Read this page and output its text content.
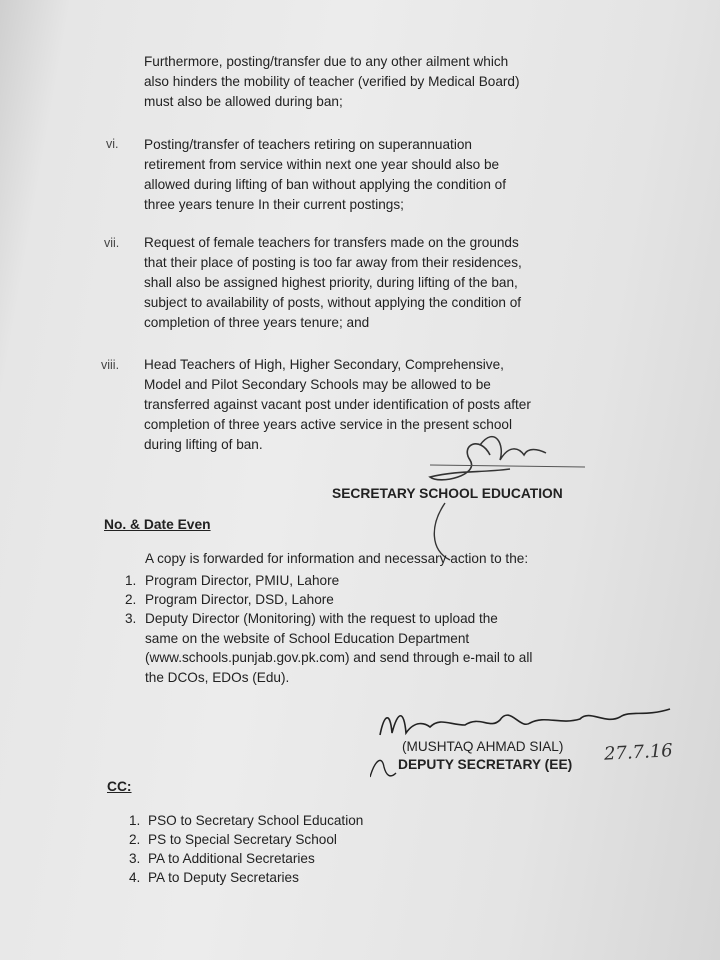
Furthermore, posting/transfer due to any other ailment which
also hinders the mobility of teacher (verified by Medical Board)
must also be allowed during ban;
vi. Posting/transfer of teachers retiring on superannuation
retirement from service within next one year should also be
allowed during lifting of ban without applying the condition of
three years tenure In their current postings;
vii. Request of female teachers for transfers made on the grounds
that their place of posting is too far away from their residences,
shall also be assigned highest priority, during lifting of the ban,
subject to availability of posts, without applying the condition of
completion of three years tenure; and
viii. Head Teachers of High, Higher Secondary, Comprehensive,
Model and Pilot Secondary Schools may be allowed to be
transferred against vacant post under identification of posts after
completion of three years active service in the present school
during lifting of ban.
SECRETARY SCHOOL EDUCATION
No. & Date Even
A copy is forwarded for information and necessary action to the:
1. Program Director, PMIU, Lahore
2. Program Director, DSD, Lahore
3. Deputy Director (Monitoring) with the request to upload the
same on the website of School Education Department
(www.schools.punjab.gov.pk.com) and send through e-mail to all
the DCOs, EDOs (Edu).
(MUSHTAQ AHMAD SIAL) 27.7.16
DEPUTY SECRETARY (EE)
CC:
1. PSO to Secretary School Education
2. PS to Special Secretary School
3. PA to Additional Secretaries
4. PA to Deputy Secretaries
